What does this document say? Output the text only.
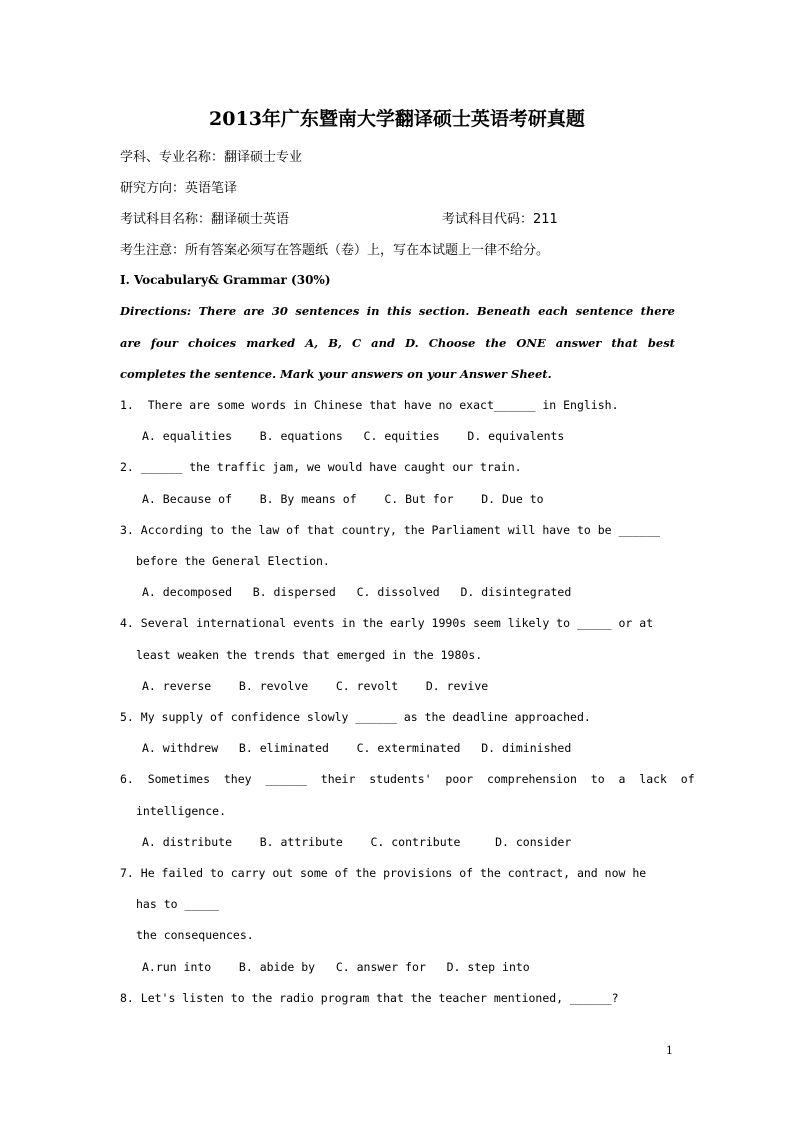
2013年广东暨南大学翻译硕士英语考研真题
学科、专业名称：翻译硕士专业
研究方向：英语笔译
考试科目名称：翻译硕士英语	考试科目代码：211
考生注意：所有答案必须写在答题纸（卷）上，写在本试题上一律不给分。
I. Vocabulary& Grammar (30%)
Directions: There are 30 sentences in this section. Beneath each sentence there
are four choices marked A, B, C and D. Choose the ONE answer that best
completes the sentence. Mark your answers on your Answer Sheet.
1.  There are some words in Chinese that have no exact______ in English.
A. equalities    B. equations   C. equities    D. equivalents
2. ______ the traffic jam, we would have caught our train.
A. Because of    B. By means of    C. But for    D. Due to
3. According to the law of that country, the Parliament will have to be ______
before the General Election.
A. decomposed   B. dispersed   C. dissolved   D. disintegrated
4. Several international events in the early 1990s seem likely to _____ or at
least weaken the trends that emerged in the 1980s.
A. reverse    B. revolve    C. revolt    D. revive
5. My supply of confidence slowly ______ as the deadline approached.
A. withdrew   B. eliminated    C. exterminated   D. diminished
6.  Sometimes  they  ______  their  students'  poor  comprehension  to  a  lack  of
intelligence.
A. distribute    B. attribute    C. contribute     D. consider
7. He failed to carry out some of the provisions of the contract, and now he
has to _____
the consequences.
A.run into    B. abide by   C. answer for   D. step into
8. Let's listen to the radio program that the teacher mentioned, ______?
1
